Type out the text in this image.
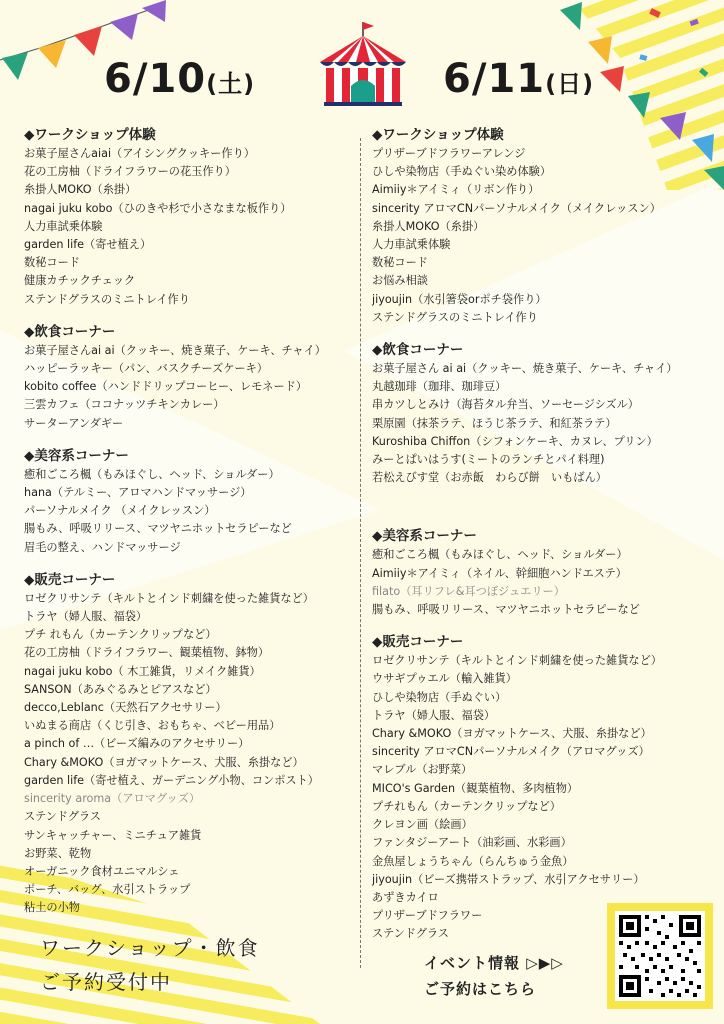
6/10(土)	6/11(日)
◆ワークショップ体験
お菓子屋さんaiai（アイシングクッキー作り）
花の工房柚（ドライフラワーの花玉作り）
糸掛人MOKO（糸掛）
nagai juku kobo（ひのきや杉で小さなまな板作り）
人力車試乗体験
garden life（寄せ植え）
数秘コード
健康カチックチェック
ステンドグラスのミニトレイ作り
◆飲食コーナー
お菓子屋さんai ai（クッキー、焼き菓子、ケーキ、チャイ）
ハッピーラッキー（パン、バスクチーズケーキ）
kobito coffee（ハンドドリップコーヒー、レモネード）
三雲カフェ（ココナッツチキンカレー）
サーターアンダギー
◆美容系コーナー
癒和ごころ楓（もみほぐし、ヘッド、ショルダー）
hana（テルミー、アロマハンドマッサージ）
パーソナルメイク （メイクレッスン）
腸もみ、呼吸リリース、マツヤニホットセラピーなど
眉毛の整え、ハンドマッサージ
◆販売コーナー
ロゼクリサンテ（キルトとインド刺繍を使った雑貨など）
トラヤ（婦人服、福袋）
プチ れもん（カーテンクリップなど）
花の工房柚（ドライフラワー、観葉植物、鉢物）
nagai juku kobo（ 木工雑貨，リメイク雑貨）
SANSON（あみぐるみとピアスなど）
decco,Leblanc（天然石アクセサリー）
いぬまる商店（くじ引き、おもちゃ、ベビー用品）
a pinch of …（ビーズ編みのアクセサリー）
Chary &MOKO（ヨガマットケース、犬服、糸掛など）
garden life（寄せ植え、ガーデニング小物、コンポスト）
sincerity aroma（アロマグッズ）
ステンドグラス
サンキャッチャー、ミニチュア雑貨
お野菜、乾物
オーガニック食材ユニマルシェ
ポーチ、バッグ、水引ストラップ
粘土の小物
◆ワークショップ体験
プリザーブドフラワーアレンジ
ひしや染物店（手ぬぐい染め体験）
Aimiiy＊アイミィ（リボン作り）
sincerity アロマCNパーソナルメイク（メイクレッスン）
糸掛人MOKO（糸掛）
人力車試乗体験
数秘コード
お悩み相談
jiyoujin（水引箸袋orポチ袋作り）
ステンドグラスのミニトレイ作り
◆飲食コーナー
お菓子屋さん ai ai（クッキー、焼き菓子、ケーキ、チャイ）
丸越珈琲（珈琲、珈琲豆）
串カツしとみけ（海苔タル弁当、ソーセージシズル）
栗原園（抹茶ラテ、ほうじ茶ラテ、和紅茶ラテ）
Kuroshiba Chiffon（シフォンケーキ、カヌレ、プリン）
みーとぱいはうす(ミートのランチとパイ料理)
若松えびす堂（お赤飯　わらび餅　いもばん）
◆美容系コーナー
癒和ごころ楓（もみほぐし、ヘッド、ショルダー）
Aimiiy＊アイミィ（ネイル、幹細胞ハンドエステ）
filato（耳リフレ&耳つぼジュエリー）
腸もみ、呼吸リリース、マツヤニホットセラピーなど
◆販売コーナー
ロゼクリサンテ（キルトとインド刺繍を使った雑貨など）
ウサギプゥエル（輸入雑貨）
ひしや染物店（手ぬぐい）
トラヤ（婦人服、福袋）
Chary &MOKO（ヨガマットケース、犬服、糸掛など）
sincerity アロマCNパーソナルメイク（アロマグッズ）
マレブル（お野菜）
MICO's Garden（観葉植物、多肉植物）
プチれもん（カーテンクリップなど）
クレヨン画（絵画）
ファンタジーアート（油彩画、水彩画）
金魚屋しょうちゃん（らんちゅう金魚）
jiyoujin（ビーズ携帯ストラップ、水引アクセサリー）
あずきカイロ
プリザーブドフラワー
ステンドグラス
ワークショップ・飲食
ご予約受付中
イベント情報 ▷▶▷
ご予約はこちら
